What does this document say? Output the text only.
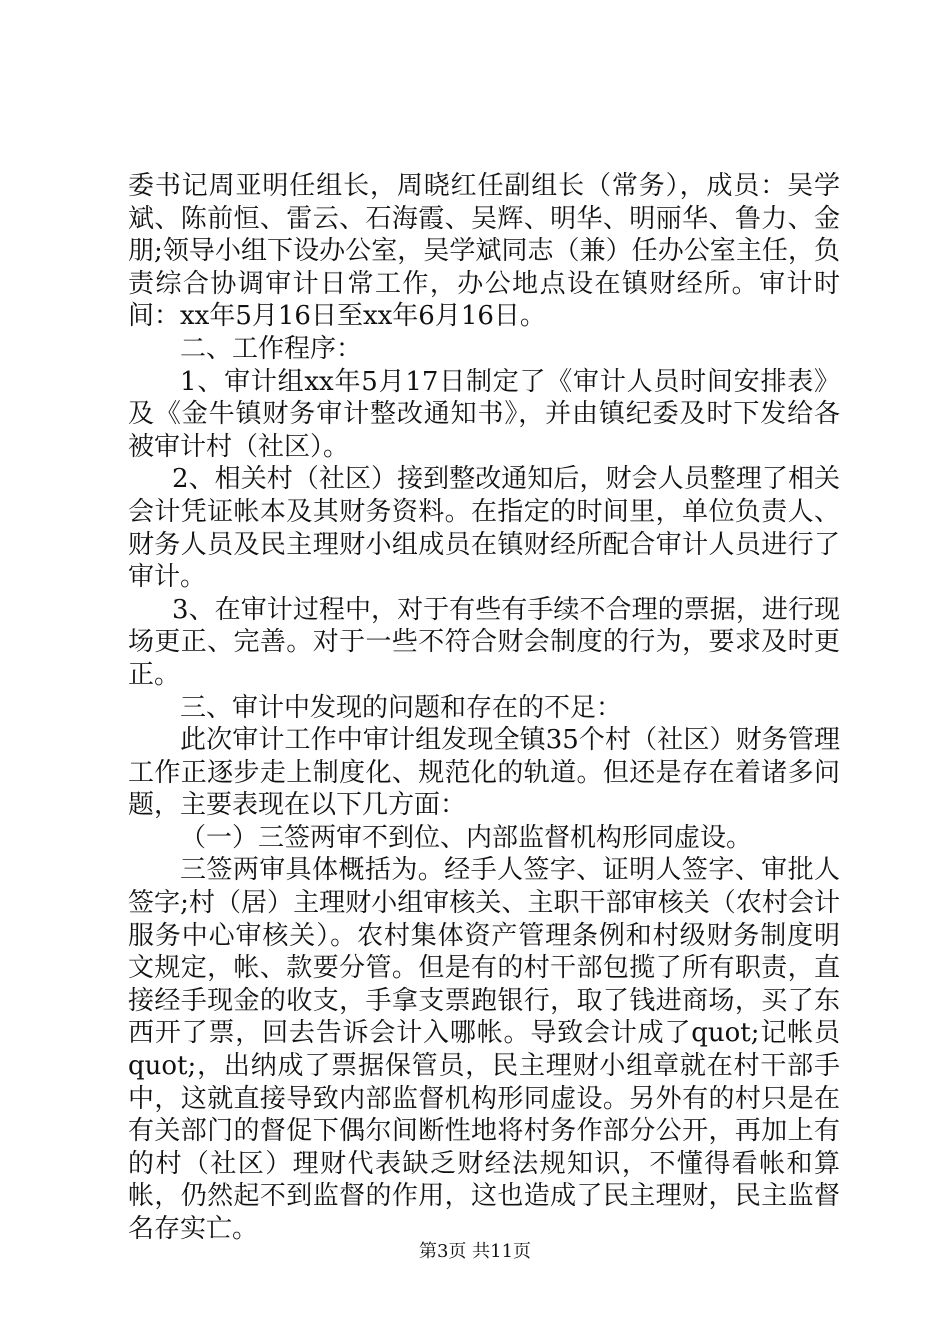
委书记周亚明任组长，周晓红任副组长（常务），成员：吴学斌、陈前恒、雷云、石海霞、吴辉、明华、明丽华、鲁力、金朋;领导小组下设办公室，吴学斌同志（兼）任办公室主任，负责综合协调审计日常工作，办公地点设在镇财经所。审计时间：xx年5月16日至xx年6月16日。

二、工作程序：

1、审计组xx年5月17日制定了《审计人员时间安排表》及《金牛镇财务审计整改通知书》，并由镇纪委及时下发给各被审计村（社区）。

2、相关村（社区）接到整改通知后，财会人员整理了相关会计凭证帐本及其财务资料。在指定的时间里，单位负责人、财务人员及民主理财小组成员在镇财经所配合审计人员进行了审计。

3、在审计过程中，对于有些有手续不合理的票据，进行现场更正、完善。对于一些不符合财会制度的行为，要求及时更正。

三、审计中发现的问题和存在的不足：

此次审计工作中审计组发现全镇35个村（社区）财务管理工作正逐步走上制度化、规范化的轨道。但还是存在着诸多问题，主要表现在以下几方面：

（一）三签两审不到位、内部监督机构形同虚设。

三签两审具体概括为。经手人签字、证明人签字、审批人签字;村（居）主理财小组审核关、主职干部审核关（农村会计服务中心审核关）。农村集体资产管理条例和村级财务制度明文规定，帐、款要分管。但是有的村干部包揽了所有职责，直接经手现金的收支，手拿支票跑银行，取了钱进商场，买了东西开了票，回去告诉会计入哪帐。导致会计成了quot;记帐员quot;，出纳成了票据保管员，民主理财小组章就在村干部手中，这就直接导致内部监督机构形同虚设。另外有的村只是在有关部门的督促下偶尔间断性地将村务作部分公开，再加上有的村（社区）理财代表缺乏财经法规知识，不懂得看帐和算帐，仍然起不到监督的作用，这也造成了民主理财，民主监督名存实亡。

第3页 共11页
